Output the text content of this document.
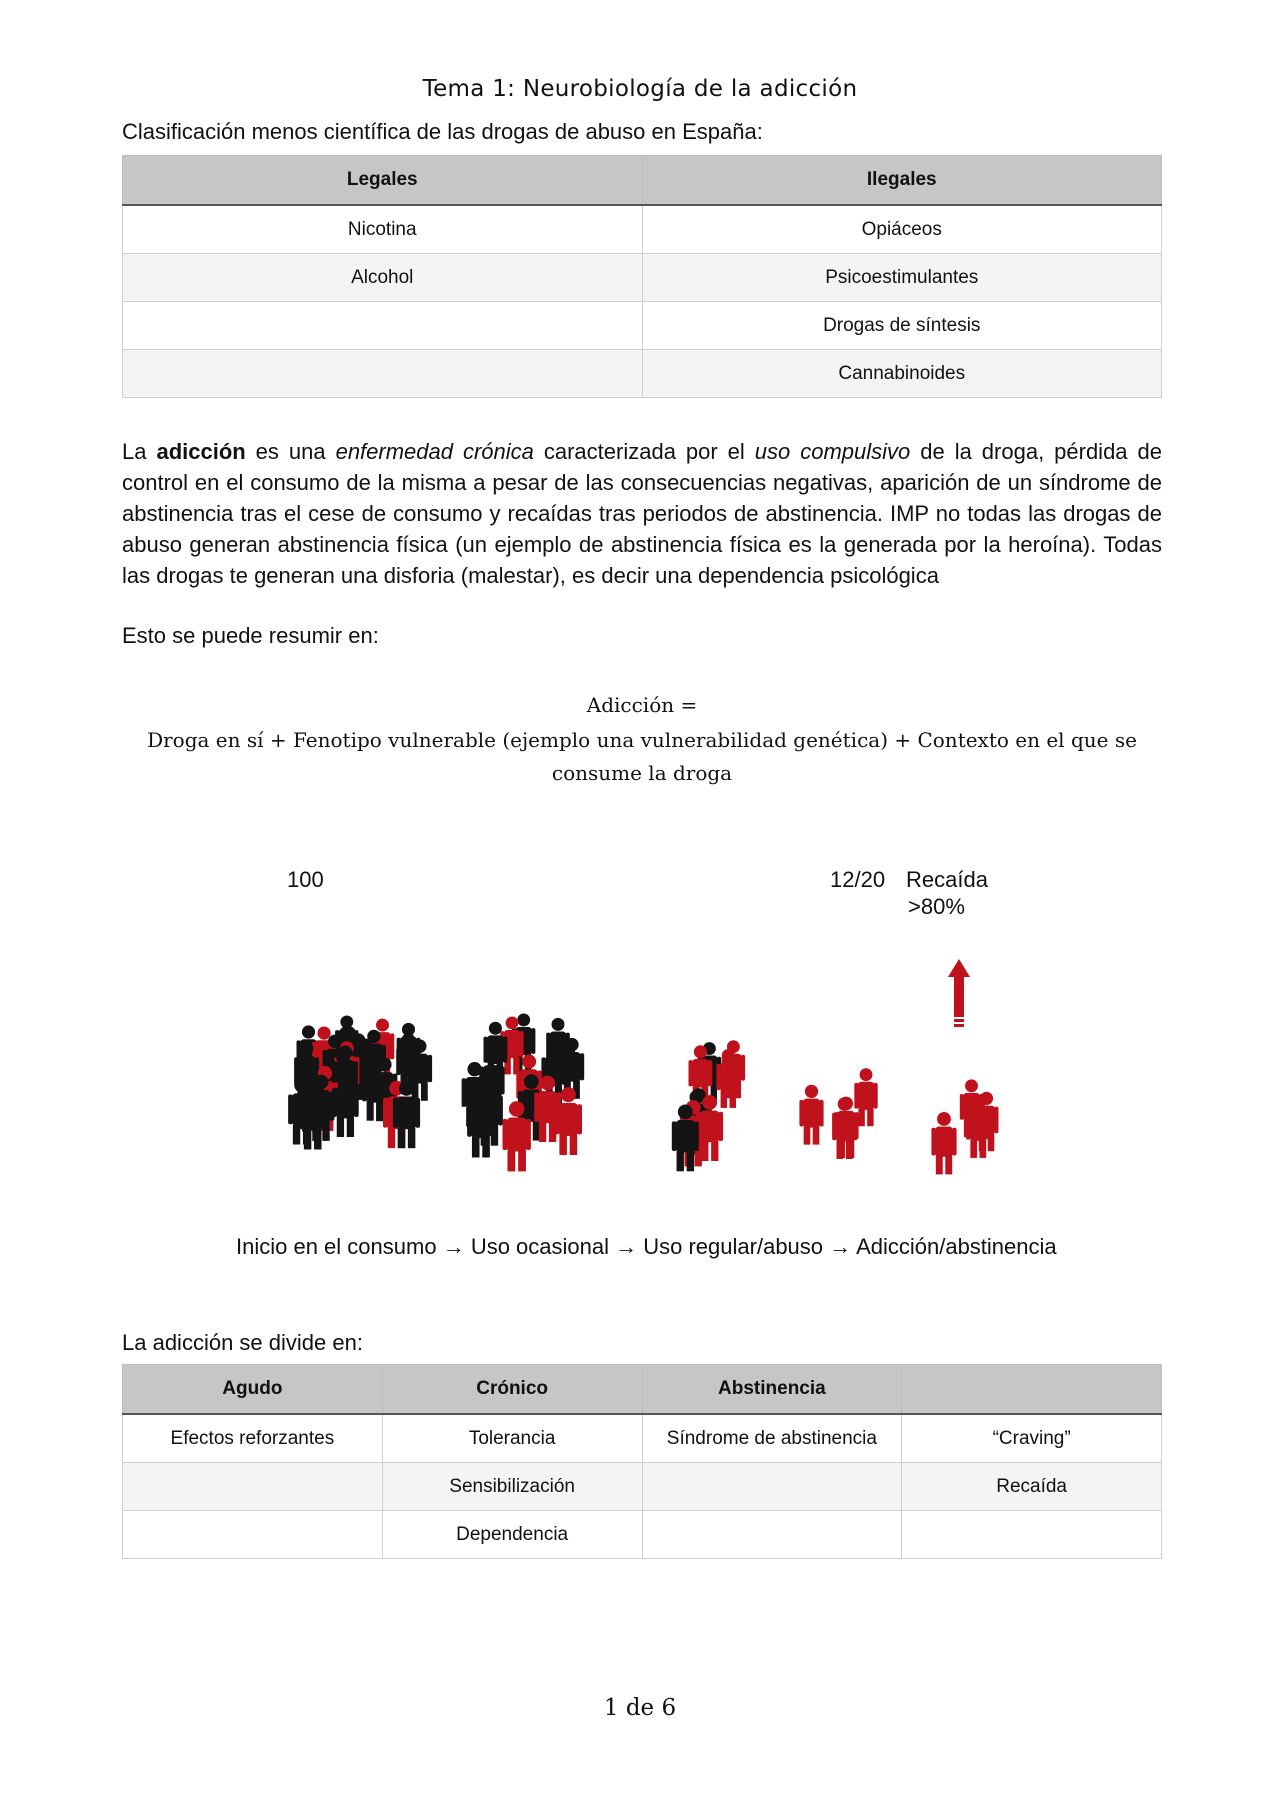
Tema 1: Neurobiología de la adicción
Clasificación menos científica de las drogas de abuso en España:
Legales	Ilegales
Nicotina	Opiáceos
Alcohol	Psicoestimulantes
	Drogas de síntesis
	Cannabinoides

La adicción es una enfermedad crónica caracterizada por el uso compulsivo de la droga, pérdida de control en el consumo de la misma a pesar de las consecuencias negativas, aparición de un síndrome de abstinencia tras el cese de consumo y recaídas tras periodos de abstinencia. IMP no todas las drogas de abuso generan abstinencia física (un ejemplo de abstinencia física es la generada por la heroína). Todas las drogas te generan una disforia (malestar), es decir una dependencia psicológica

Esto se puede resumir en:
Adicción =
Droga en sí + Fenotipo vulnerable (ejemplo una vulnerabilidad genética) + Contexto en el que se consume la droga
100	12/20 Recaída
>80%
Inicio en el consumo → Uso ocasional → Uso regular/abuso → Adicción/abstinencia
La adicción se divide en:
Agudo	Crónico	Abstinencia	
Efectos reforzantes	Tolerancia	Síndrome de abstinencia	“Craving”
	Sensibilización		Recaída
	Dependencia		
1 de 6
